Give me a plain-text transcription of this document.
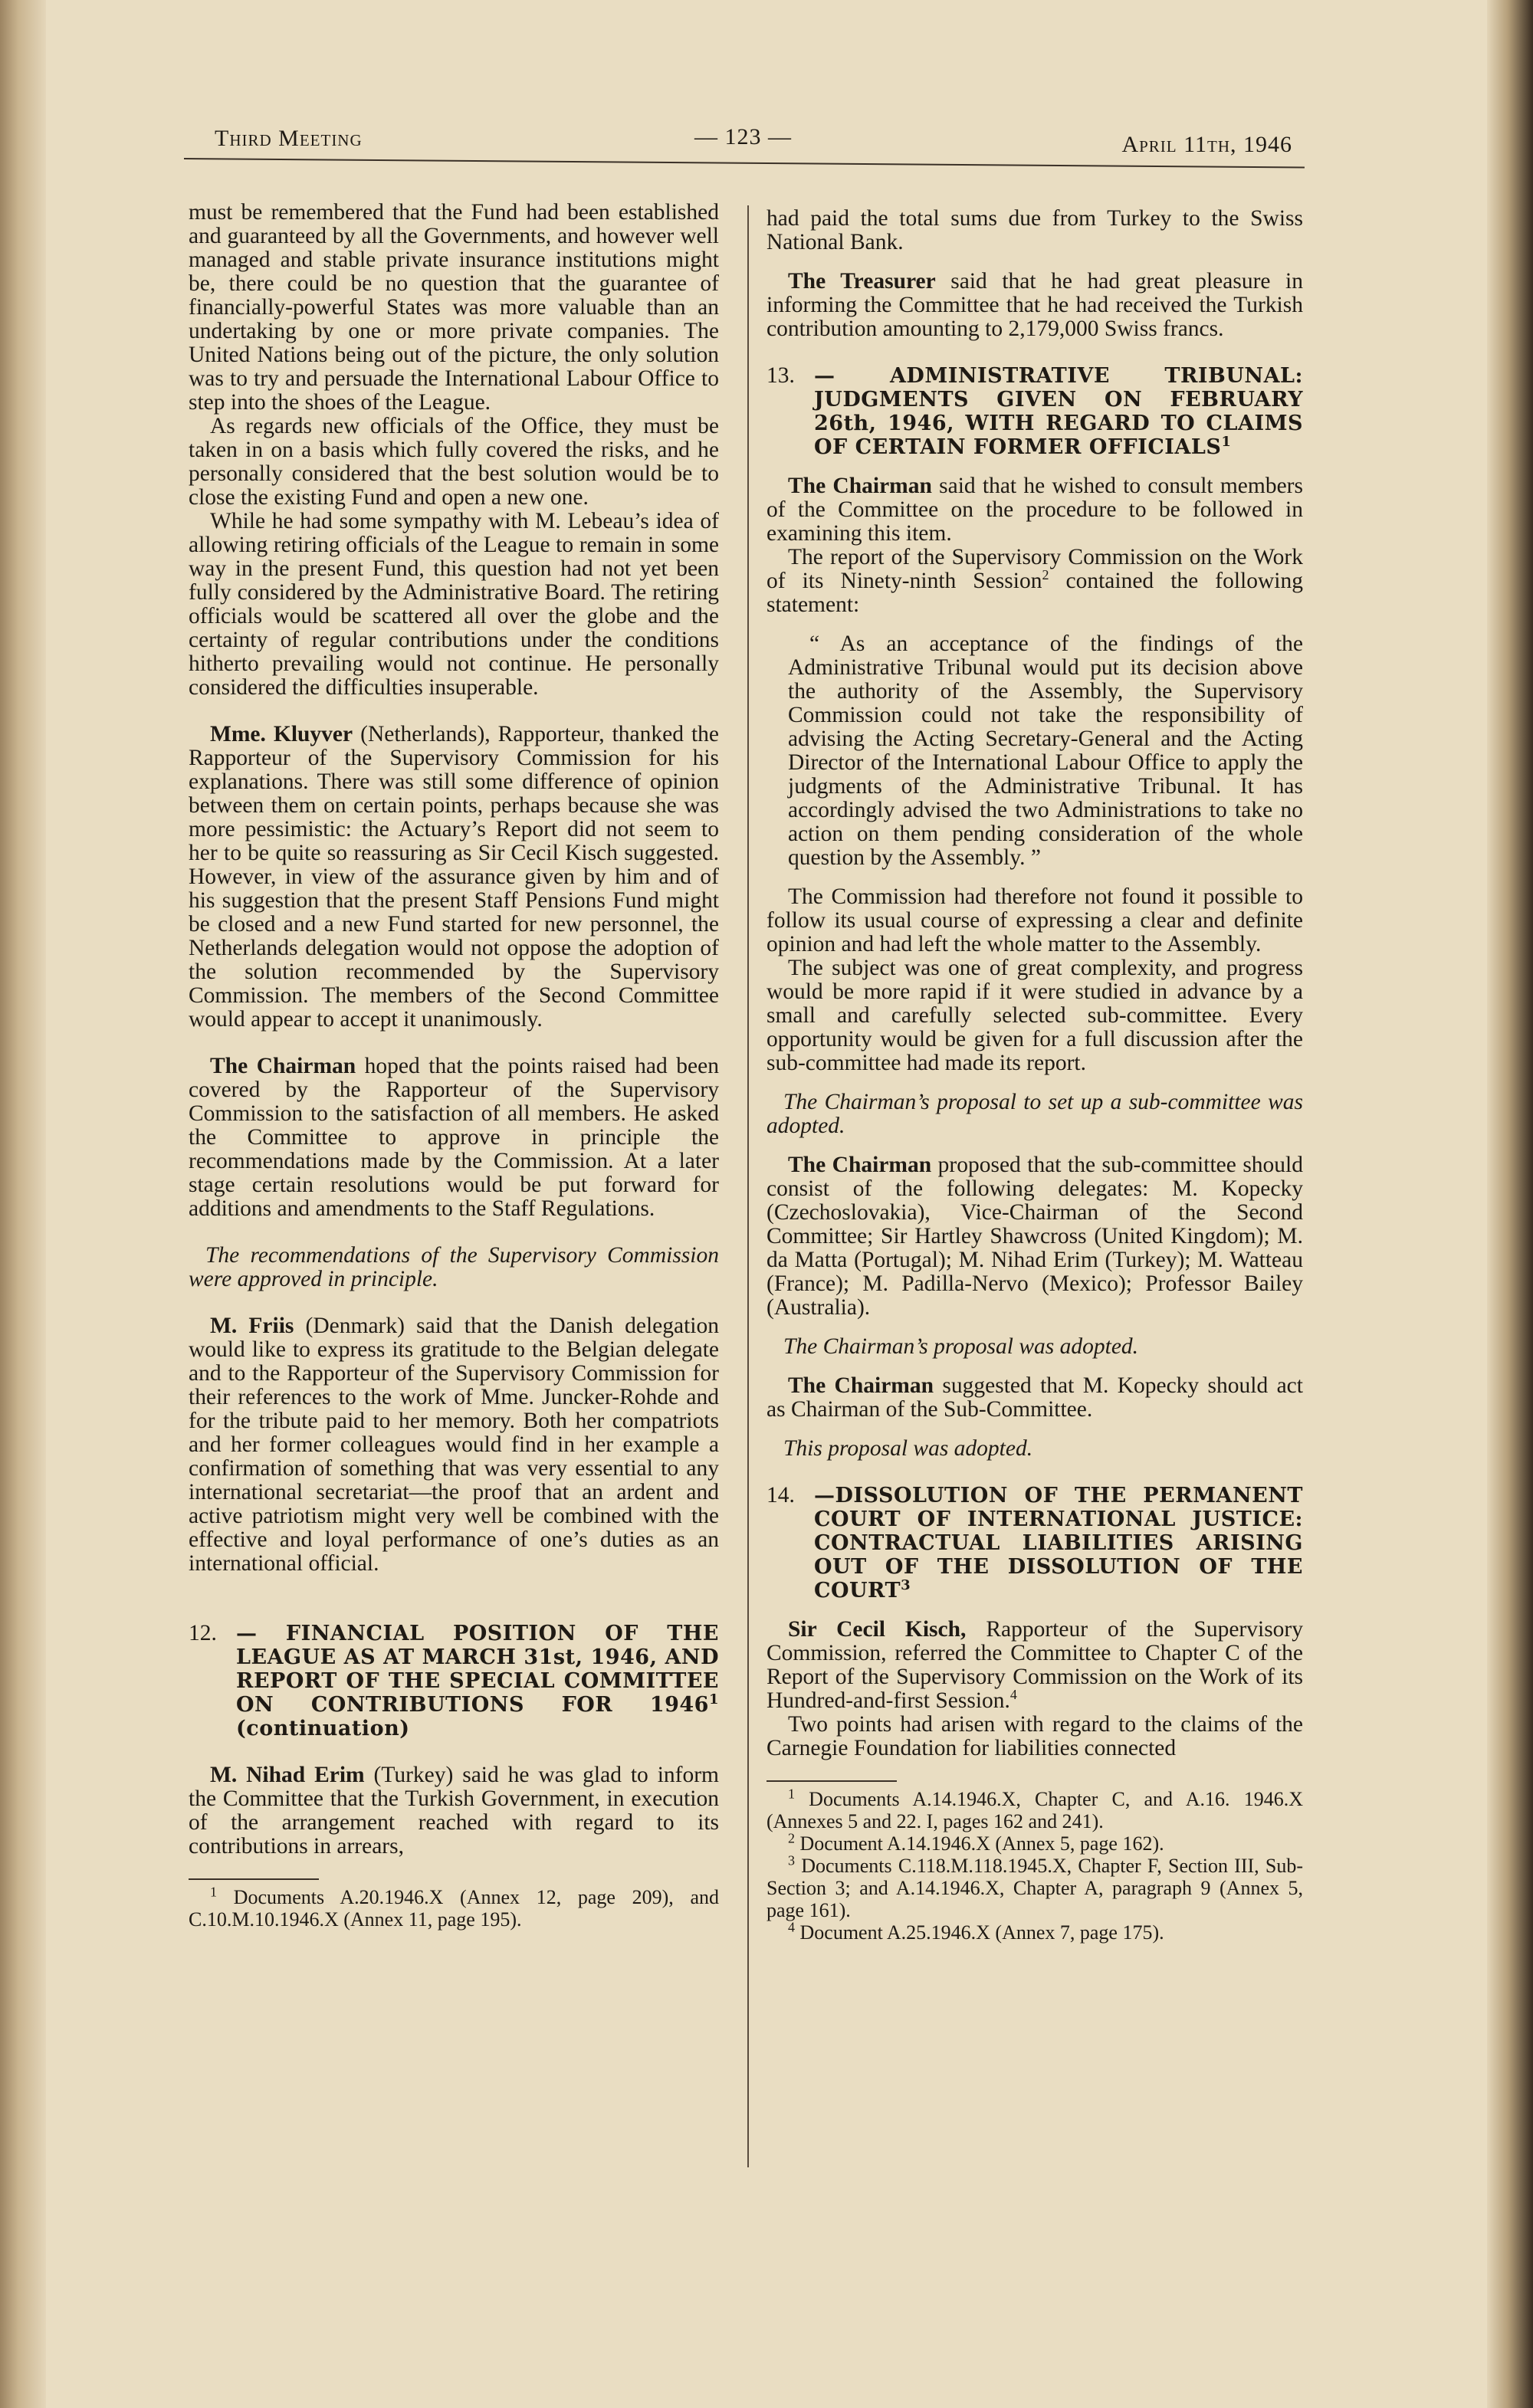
Third Meeting	— 123 —	April 11th, 1946

must be remembered that the Fund had been established and guaranteed by all the Governments, and however well managed and stable private insurance institutions might be, there could be no question that the guarantee of financially-powerful States was more valuable than an undertaking by one or more private companies. The United Nations being out of the picture, the only solution was to try and persuade the International Labour Office to step into the shoes of the League.

As regards new officials of the Office, they must be taken in on a basis which fully covered the risks, and he personally considered that the best solution would be to close the existing Fund and open a new one.

While he had some sympathy with M. Lebeau’s idea of allowing retiring officials of the League to remain in some way in the present Fund, this question had not yet been fully considered by the Administrative Board. The retiring officials would be scattered all over the globe and the certainty of regular contributions under the conditions hitherto prevailing would not continue. He personally considered the difficulties insuperable.

Mme. Kluyver (Netherlands), Rapporteur, thanked the Rapporteur of the Supervisory Commission for his explanations. There was still some difference of opinion between them on certain points, perhaps because she was more pessimistic: the Actuary’s Report did not seem to her to be quite so reassuring as Sir Cecil Kisch suggested. However, in view of the assurance given by him and of his suggestion that the present Staff Pensions Fund might be closed and a new Fund started for new personnel, the Netherlands delegation would not oppose the adoption of the solution recommended by the Supervisory Commission. The members of the Second Committee would appear to accept it unanimously.

The Chairman hoped that the points raised had been covered by the Rapporteur of the Supervisory Commission to the satisfaction of all members. He asked the Committee to approve in principle the recommendations made by the Commission. At a later stage certain resolutions would be put forward for additions and amendments to the Staff Regulations.

The recommendations of the Supervisory Commission were approved in principle.

M. Friis (Denmark) said that the Danish delegation would like to express its gratitude to the Belgian delegate and to the Rapporteur of the Supervisory Commission for their references to the work of Mme. Juncker-Rohde and for the tribute paid to her memory. Both her compatriots and her former colleagues would find in her example a confirmation of something that was very essential to any international secretariat—the proof that an ardent and active patriotism might very well be combined with the effective and loyal performance of one’s duties as an international official.

12. — FINANCIAL POSITION OF THE LEAGUE AS AT MARCH 31st, 1946, AND REPORT OF THE SPECIAL COMMITTEE ON CONTRIBUTIONS FOR 1946$^1$ (continuation)

M. Nihad Erim (Turkey) said he was glad to inform the Committee that the Turkish Government, in execution of the arrangement reached with regard to its contributions in arrears,

$^1$ Documents A.20.1946.X (Annex 12, page 209), and C.10.M.10.1946.X (Annex 11, page 195).

had paid the total sums due from Turkey to the Swiss National Bank.

The Treasurer said that he had great pleasure in informing the Committee that he had received the Turkish contribution amounting to 2,179,000 Swiss francs.

13. — ADMINISTRATIVE TRIBUNAL: JUDGMENTS GIVEN ON FEBRUARY 26th, 1946, WITH REGARD TO CLAIMS OF CERTAIN FORMER OFFICIALS$^1$

The Chairman said that he wished to consult members of the Committee on the procedure to be followed in examining this item.

The report of the Supervisory Commission on the Work of its Ninety-ninth Session$^2$ contained the following statement:

“ As an acceptance of the findings of the Administrative Tribunal would put its decision above the authority of the Assembly, the Supervisory Commission could not take the responsibility of advising the Acting Secretary-General and the Acting Director of the International Labour Office to apply the judgments of the Administrative Tribunal. It has accordingly advised the two Administrations to take no action on them pending consideration of the whole question by the Assembly. ”

The Commission had therefore not found it possible to follow its usual course of expressing a clear and definite opinion and had left the whole matter to the Assembly.

The subject was one of great complexity, and progress would be more rapid if it were studied in advance by a small and carefully selected sub-committee. Every opportunity would be given for a full discussion after the sub-committee had made its report.

The Chairman’s proposal to set up a sub-committee was adopted.

The Chairman proposed that the sub-committee should consist of the following delegates: M. Kopecky (Czechoslovakia), Vice-Chairman of the Second Committee; Sir Hartley Shawcross (United Kingdom); M. da Matta (Portugal); M. Nihad Erim (Turkey); M. Watteau (France); M. Padilla-Nervo (Mexico); Professor Bailey (Australia).

The Chairman’s proposal was adopted.

The Chairman suggested that M. Kopecky should act as Chairman of the Sub-Committee.

This proposal was adopted.

14. —DISSOLUTION OF THE PERMANENT COURT OF INTERNATIONAL JUSTICE: CONTRACTUAL LIABILITIES ARISING OUT OF THE DISSOLUTION OF THE COURT$^3$

Sir Cecil Kisch, Rapporteur of the Supervisory Commission, referred the Committee to Chapter C of the Report of the Supervisory Commission on the Work of its Hundred-and-first Session.$^4$

Two points had arisen with regard to the claims of the Carnegie Foundation for liabilities connected

$^1$ Documents A.14.1946.X, Chapter C, and A.16. 1946.X (Annexes 5 and 22. I, pages 162 and 241).

$^2$ Document A.14.1946.X (Annex 5, page 162).

$^3$ Documents C.118.M.118.1945.X, Chapter F, Section III, Sub-Section 3; and A.14.1946.X, Chapter A, paragraph 9 (Annex 5, page 161).

$^4$ Document A.25.1946.X (Annex 7, page 175).
